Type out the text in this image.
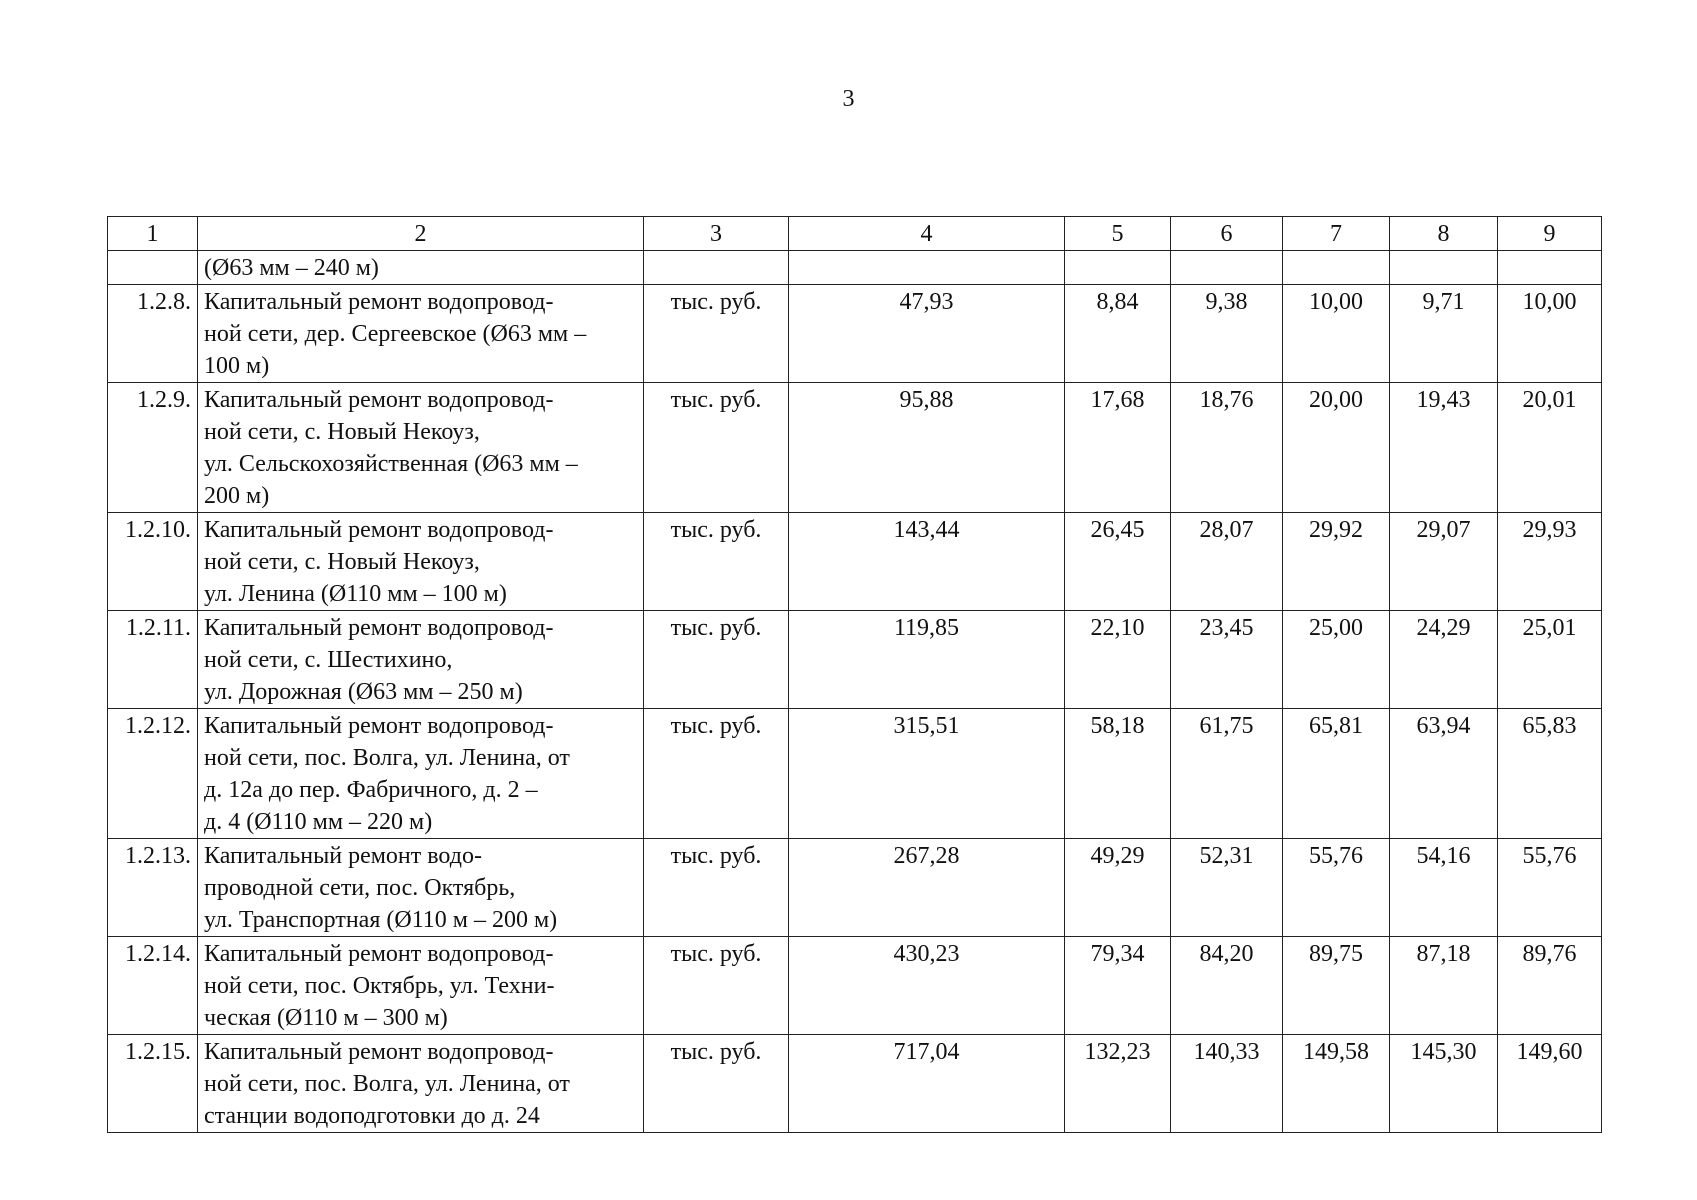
3
1	2	3	4	5	6	7	8	9

	(Ø63 мм – 240 м)							

1.2.8.	Капитальный ремонт водопровод-
ной сети, дер. Сергеевское (Ø63 мм –
100 м)	тыс. руб.	47,93	8,84	9,38	10,00	9,71	10,00
1.2.9.	Капитальный ремонт водопровод-
ной сети, с. Новый Некоуз,
ул. Сельскохозяйственная (Ø63 мм –
200 м)	тыс. руб.	95,88	17,68	18,76	20,00	19,43	20,01
1.2.10.	Капитальный ремонт водопровод-
ной сети, с. Новый Некоуз,
ул. Ленина (Ø110 мм – 100 м)	тыс. руб.	143,44	26,45	28,07	29,92	29,07	29,93
1.2.11.	Капитальный ремонт водопровод-
ной сети, с. Шестихино,
ул. Дорожная (Ø63 мм – 250 м)	тыс. руб.	119,85	22,10	23,45	25,00	24,29	25,01
1.2.12.	Капитальный ремонт водопровод-
ной сети, пос. Волга, ул. Ленина, от
д. 12а до пер. Фабричного, д. 2 –
д. 4 (Ø110 мм – 220 м)	тыс. руб.	315,51	58,18	61,75	65,81	63,94	65,83
1.2.13.	Капитальный ремонт водо-
проводной сети, пос. Октябрь,
ул. Транспортная (Ø110 м – 200 м)	тыс. руб.	267,28	49,29	52,31	55,76	54,16	55,76
1.2.14.	Капитальный ремонт водопровод-
ной сети, пос. Октябрь, ул. Техни-
ческая (Ø110 м – 300 м)	тыс. руб.	430,23	79,34	84,20	89,75	87,18	89,76
1.2.15.	Капитальный ремонт водопровод-
ной сети, пос. Волга, ул. Ленина, от
станции водоподготовки до д. 24	тыс. руб.	717,04	132,23	140,33	149,58	145,30	149,60
